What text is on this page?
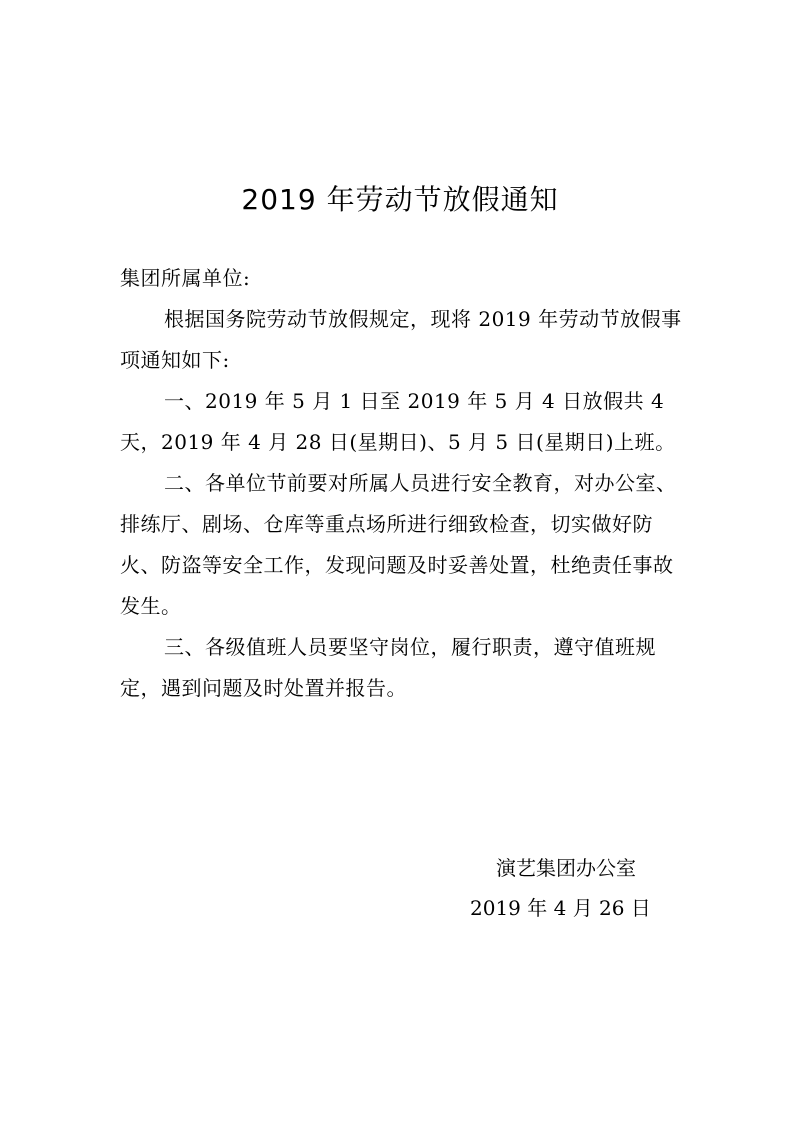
2019 年劳动节放假通知

集团所属单位:

根据国务院劳动节放假规定，现将 2019 年劳动节放假事项通知如下:

一、2019 年 5 月 1 日至 2019 年 5 月 4 日放假共 4 天，2019 年 4 月 28 日(星期日)、5 月 5 日(星期日)上班。

二、各单位节前要对所属人员进行安全教育，对办公室、排练厅、剧场、仓库等重点场所进行细致检查，切实做好防火、防盗等安全工作，发现问题及时妥善处置，杜绝责任事故发生。

三、各级值班人员要坚守岗位，履行职责，遵守值班规定，遇到问题及时处置并报告。

演艺集团办公室
2019 年 4 月 26 日
